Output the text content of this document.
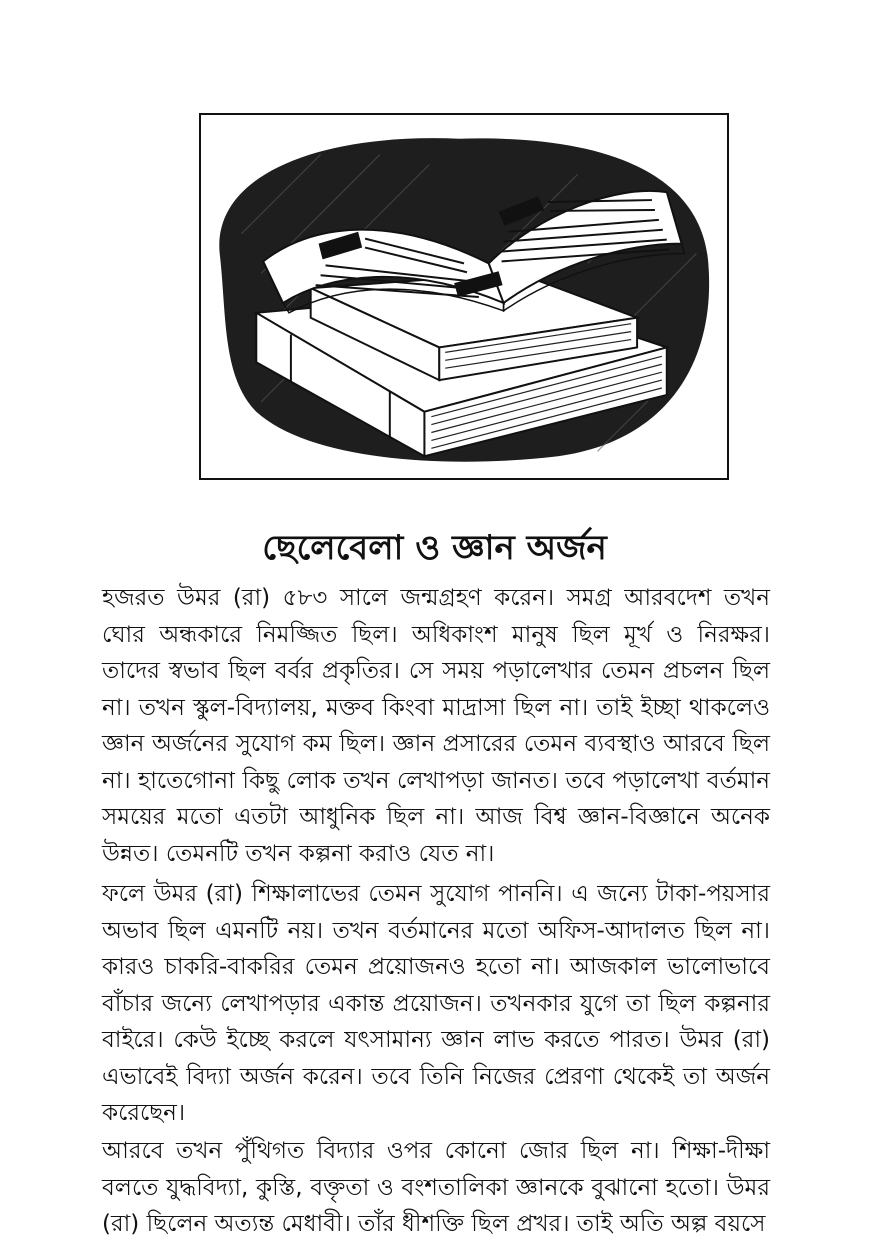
ছেলেবেলা ও জ্ঞান অর্জন

হজরত উমর (রা) ৫৮৩ সালে জন্মগ্রহণ করেন। সমগ্র আরবদেশ তখন ঘোর অন্ধকারে নিমজ্জিত ছিল। অধিকাংশ মানুষ ছিল মূর্খ ও নিরক্ষর। তাদের স্বভাব ছিল বর্বর প্রকৃতির। সে সময় পড়ালেখার তেমন প্রচলন ছিল না। তখন স্কুল-বিদ্যালয়, মক্তব কিংবা মাদ্রাসা ছিল না। তাই ইচ্ছা থাকলেও জ্ঞান অর্জনের সুযোগ কম ছিল। জ্ঞান প্রসারের তেমন ব্যবস্থাও আরবে ছিল না। হাতেগোনা কিছু লোক তখন লেখাপড়া জানত। তবে পড়ালেখা বর্তমান সময়ের মতো এতটা আধুনিক ছিল না। আজ বিশ্ব জ্ঞান-বিজ্ঞানে অনেক উন্নত। তেমনটি তখন কল্পনা করাও যেত না।

ফলে উমর (রা) শিক্ষালাভের তেমন সুযোগ পাননি। এ জন্যে টাকা-পয়সার অভাব ছিল এমনটি নয়। তখন বর্তমানের মতো অফিস-আদালত ছিল না। কারও চাকরি-বাকরির তেমন প্রয়োজনও হতো না। আজকাল ভালোভাবে বাঁচার জন্যে লেখাপড়ার একান্ত প্রয়োজন। তখনকার যুগে তা ছিল কল্পনার বাইরে। কেউ ইচ্ছে করলে যৎসামান্য জ্ঞান লাভ করতে পারত। উমর (রা) এভাবেই বিদ্যা অর্জন করেন। তবে তিনি নিজের প্রেরণা থেকেই তা অর্জন করেছেন।

আরবে তখন পুঁথিগত বিদ্যার ওপর কোনো জোর ছিল না। শিক্ষা-দীক্ষা বলতে যুদ্ধবিদ্যা, কুস্তি, বক্তৃতা ও বংশতালিকা জ্ঞানকে বুঝানো হতো। উমর (রা) ছিলেন অত্যন্ত মেধাবী। তাঁর ধীশক্তি ছিল প্রখর। তাই অতি অল্প বয়সে
